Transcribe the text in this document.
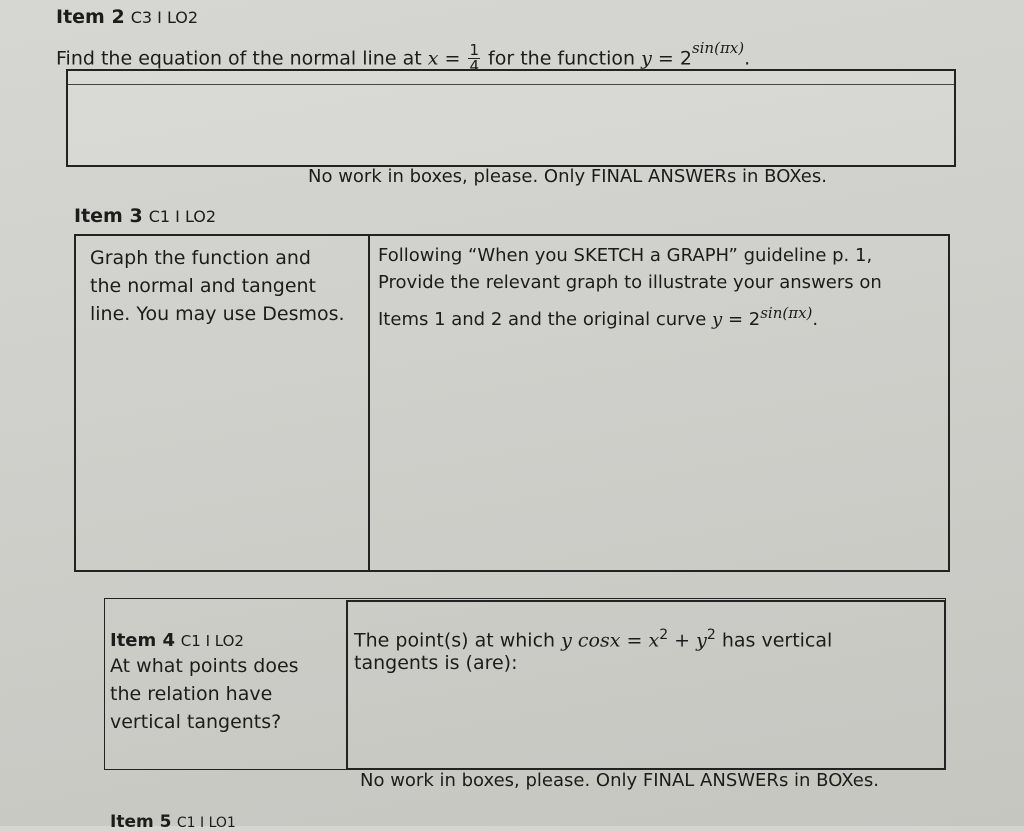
Item 2 C3 I LO2
Find the equation of the normal line at $x = \frac{1}{4}$ for the function $y = 2^{sin(\pi x)}$.
No work in boxes, please. Only FINAL ANSWERs in BOXes.
Item 3 C1 I LO2
Graph the function and
the normal and tangent
line. You may use Desmos.
Following “When you SKETCH a GRAPH” guideline p. 1,
Provide the relevant graph to illustrate your answers on
Items 1 and 2 and the original curve $y = 2^{sin(\pi x)}$.
Item 4 C1 I LO2
At what points does
the relation have
vertical tangents?
The point(s) at which y $\cos x = x^2 + y^2$ has vertical
tangents is (are):
No work in boxes, please. Only FINAL ANSWERs in BOXes.
Item 5 C1 I LO1
